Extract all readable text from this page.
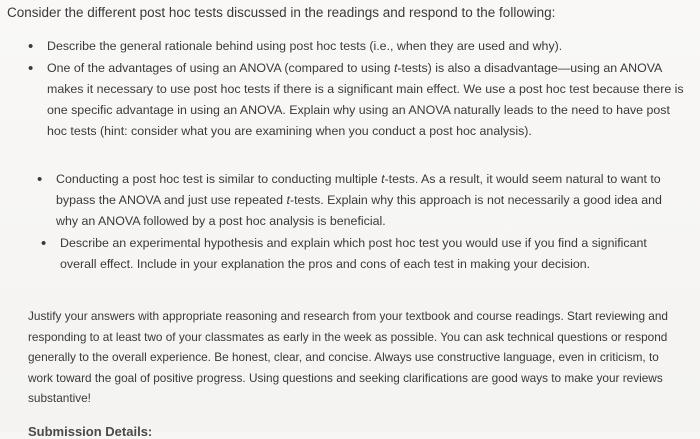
Consider the different post hoc tests discussed in the readings and respond to the following:
• Describe the general rationale behind using post hoc tests (i.e., when they are used and why).
• One of the advantages of using an ANOVA (compared to using t-tests) is also a disadvantage—using an ANOVA makes it necessary to use post hoc tests if there is a significant main effect. We use a post hoc test because there is one specific advantage in using an ANOVA. Explain why using an ANOVA naturally leads to the need to have post hoc tests (hint: consider what you are examining when you conduct a post hoc analysis).
• Conducting a post hoc test is similar to conducting multiple t-tests. As a result, it would seem natural to want to bypass the ANOVA and just use repeated t-tests. Explain why this approach is not necessarily a good idea and why an ANOVA followed by a post hoc analysis is beneficial.
• Describe an experimental hypothesis and explain which post hoc test you would use if you find a significant overall effect. Include in your explanation the pros and cons of each test in making your decision.
Justify your answers with appropriate reasoning and research from your textbook and course readings. Start reviewing and responding to at least two of your classmates as early in the week as possible. You can ask technical questions or respond generally to the overall experience. Be honest, clear, and concise. Always use constructive language, even in criticism, to work toward the goal of positive progress. Using questions and seeking clarifications are good ways to make your reviews substantive!
Submission Details:
